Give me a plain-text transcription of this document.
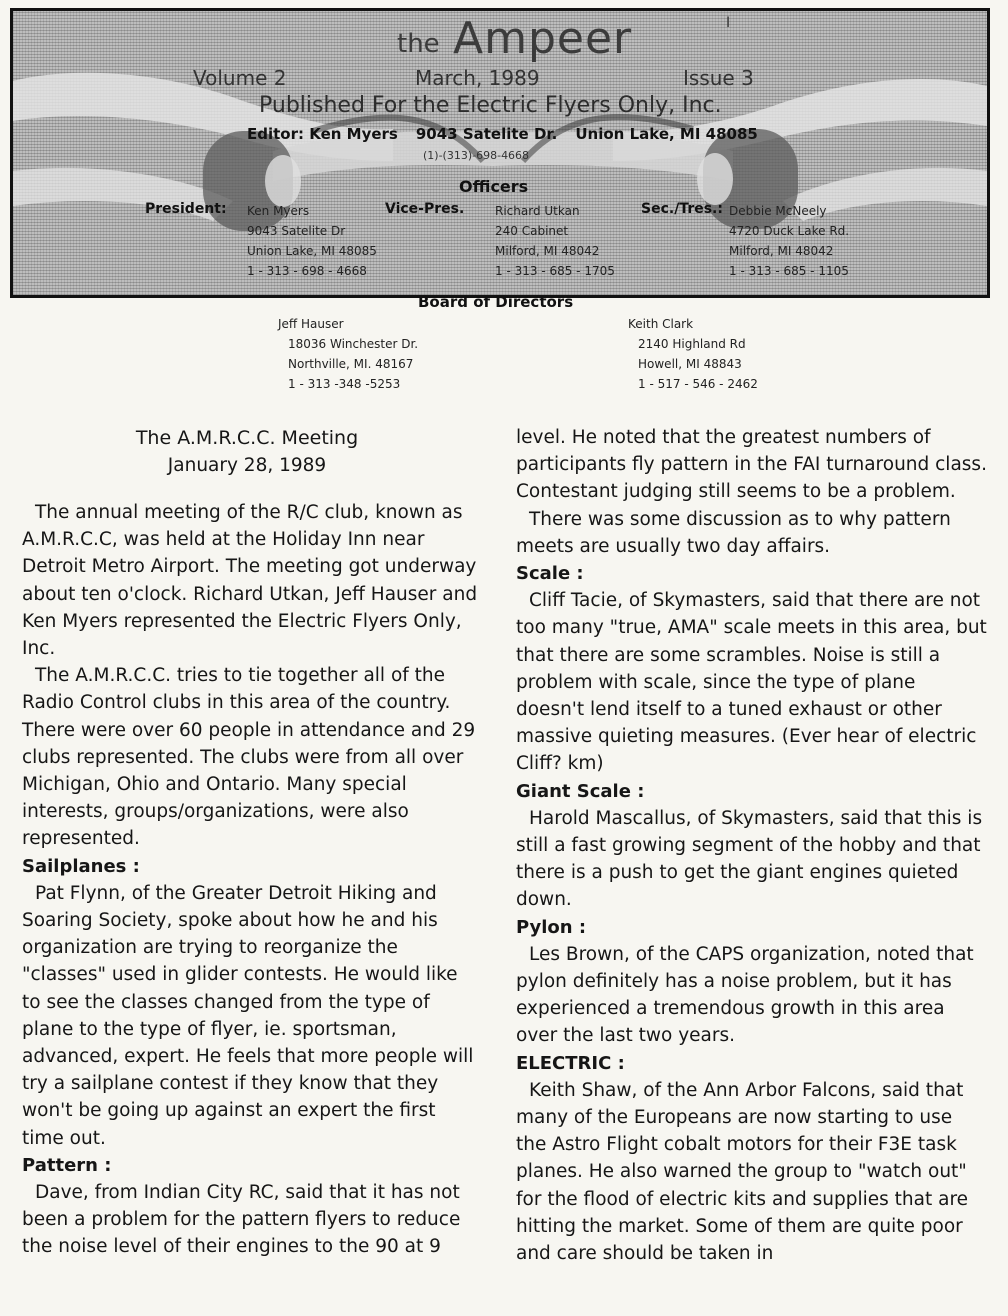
the Ampeer	I
Volume 2	March, 1989	Issue 3
Published For the Electric Flyers Only, Inc.
Editor: Ken Myers 9043 Satelite Dr. Union Lake, MI 48085
(1)-(313)-698-4668
Officers
President: Ken Myers
9043 Satelite Dr
Union Lake, MI 48085
1 - 313 - 698 - 4668
Vice-Pres.	Richard Utkan
240 Cabinet
Milford, MI 48042
1 - 313 - 685 - 1705
Sec./Tres.: Debbie McNeely
4720 Duck Lake Rd.
Milford, MI 48042
1 - 313 - 685 - 1105
Board of Directors
Jeff Hauser
18036 Winchester Dr.
Northville, MI. 48167
1 - 313 -348 -5253
Keith Clark
2140 Highland Rd
Howell, MI 48843
1 - 517 - 546 - 2462
The A.M.R.C.C. Meeting
January 28, 1989

The annual meeting of the R/C club, known as A.M.R.C.C, was held at the Holiday Inn near Detroit Metro Airport. The meeting got underway about ten o'clock. Richard Utkan, Jeff Hauser and Ken Myers represented the Electric Flyers Only, Inc.

The A.M.R.C.C. tries to tie together all of the Radio Control clubs in this area of the country. There were over 60 people in attendance and 29 clubs represented. The clubs were from all over Michigan, Ohio and Ontario. Many special interests, groups/organizations, were also represented.

Sailplanes :

Pat Flynn, of the Greater Detroit Hiking and Soaring Society, spoke about how he and his organization are trying to reorganize the "classes" used in glider contests. He would like to see the classes changed from the type of plane to the type of flyer, ie. sportsman, advanced, expert. He feels that more people will try a sailplane contest if they know that they won't be going up against an expert the first time out.

Pattern :

Dave, from Indian City RC, said that it has not been a problem for the pattern flyers to reduce the noise level of their engines to the 90 at 9

level. He noted that the greatest numbers of participants fly pattern in the FAI turnaround class. Contestant judging still seems to be a problem.

There was some discussion as to why pattern meets are usually two day affairs.

Scale :

Cliff Tacie, of Skymasters, said that there are not too many "true, AMA" scale meets in this area, but that there are some scrambles. Noise is still a problem with scale, since the type of plane doesn't lend itself to a tuned exhaust or other massive quieting measures. (Ever hear of electric Cliff? km)

Giant Scale :

Harold Mascallus, of Skymasters, said that this is still a fast growing segment of the hobby and that there is a push to get the giant engines quieted down.

Pylon :

Les Brown, of the CAPS organization, noted that pylon definitely has a noise problem, but it has experienced a tremendous growth in this area over the last two years.

ELECTRIC :

Keith Shaw, of the Ann Arbor Falcons, said that many of the Europeans are now starting to use the Astro Flight cobalt motors for their F3E task planes. He also warned the group to "watch out" for the flood of electric kits and supplies that are hitting the market. Some of them are quite poor and care should be taken in
